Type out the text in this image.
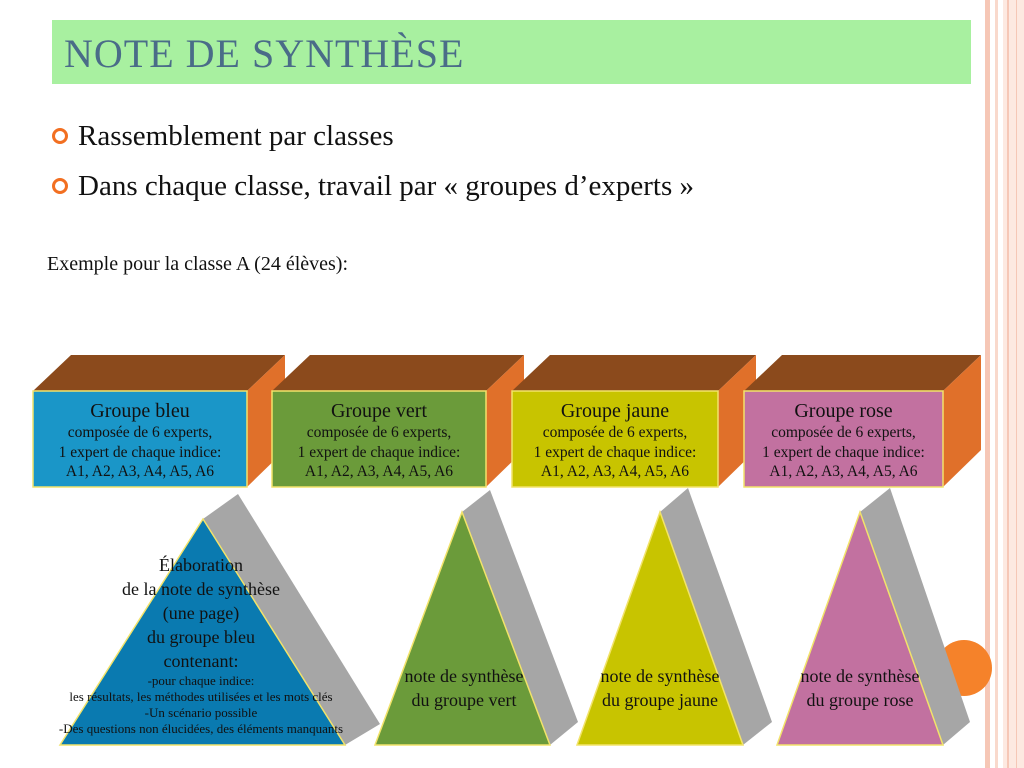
NOTE DE SYNTHÈSE
Rassemblement par classes
Dans chaque classe, travail par « groupes d’experts »
Exemple pour la classe A (24 élèves):
Groupe bleu
composée de 6 experts,
1 expert de chaque indice:
A1, A2, A3, A4, A5, A6
Groupe vert
composée de 6 experts,
1 expert de chaque indice:
A1, A2, A3, A4, A5, A6
Groupe jaune
composée de 6 experts,
1 expert de chaque indice:
A1, A2, A3, A4, A5, A6
Groupe rose
composée de 6 experts,
1 expert de chaque indice:
A1, A2, A3, A4, A5, A6
Élaboration
de la note de synthèse
(une page)
du groupe bleu
contenant:
-pour chaque indice:
les résultats, les méthodes utilisées et les mots clés
-Un scénario possible
-Des questions non élucidées, des éléments manquants
note de synthèse
du groupe vert
note de synthèse
du groupe jaune
note de synthèse
du groupe rose
